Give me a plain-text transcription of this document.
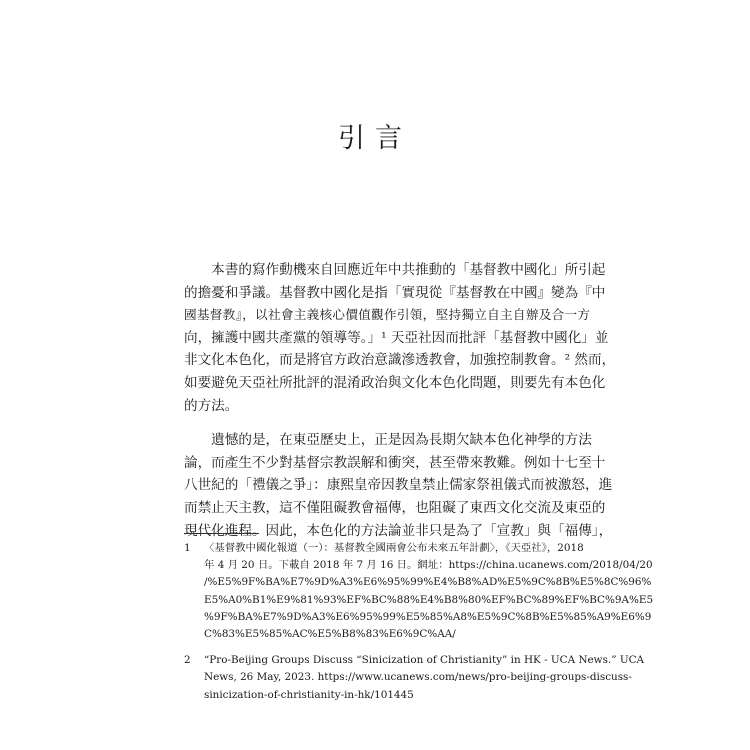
引言
　　本書的寫作動機來自回應近年中共推動的「基督教中國化」所引起
的擔憂和爭議。基督教中國化是指「實現從『基督教在中國』變為『中
國基督教』，以社會主義核心價值觀作引領，堅持獨立自主自辦及合一方
向，擁護中國共產黨的領導等。」¹ 天亞社因而批評「基督教中國化」並
非文化本色化，而是將官方政治意識滲透教會，加強控制教會。² 然而，
如要避免天亞社所批評的混淆政治與文化本色化問題，則要先有本色化
的方法。
　　遺憾的是，在東亞歷史上，正是因為長期欠缺本色化神學的方法
論，而產生不少對基督宗教誤解和衝突，甚至帶來教難。例如十七至十
八世紀的「禮儀之爭」：康熙皇帝因教皇禁止儒家祭祖儀式而被激怒，進
而禁止天主教，這不僅阻礙教會福傳，也阻礙了東西文化交流及東亞的
現代化進程。因此，本色化的方法論並非只是為了「宣教」與「福傳」，
1 〈基督教中國化報道（一）：基督教全國兩會公布未來五年計劃〉，《天亞社》，2018
年 4 月 20 日。下載自 2018 年 7 月 16 日。網址：https://china.ucanews.com/2018/04/20
/%E5%9F%BA%E7%9D%A3%E6%95%99%E4%B8%AD%E5%9C%8B%E5%8C%96%
E5%A0%B1%E9%81%93%EF%BC%88%E4%B8%80%EF%BC%89%EF%BC%9A%E5
%9F%BA%E7%9D%A3%E6%95%99%E5%85%A8%E5%9C%8B%E5%85%A9%E6%9
C%83%E5%85%AC%E5%B8%83%E6%9C%AA/
2 “Pro-Beijing Groups Discuss “Sinicization of Christianity” in HK - UCA News.” UCA
News, 26 May, 2023. https://www.ucanews.com/news/pro-beijing-groups-discuss-
sinicization-of-christianity-in-hk/101445
